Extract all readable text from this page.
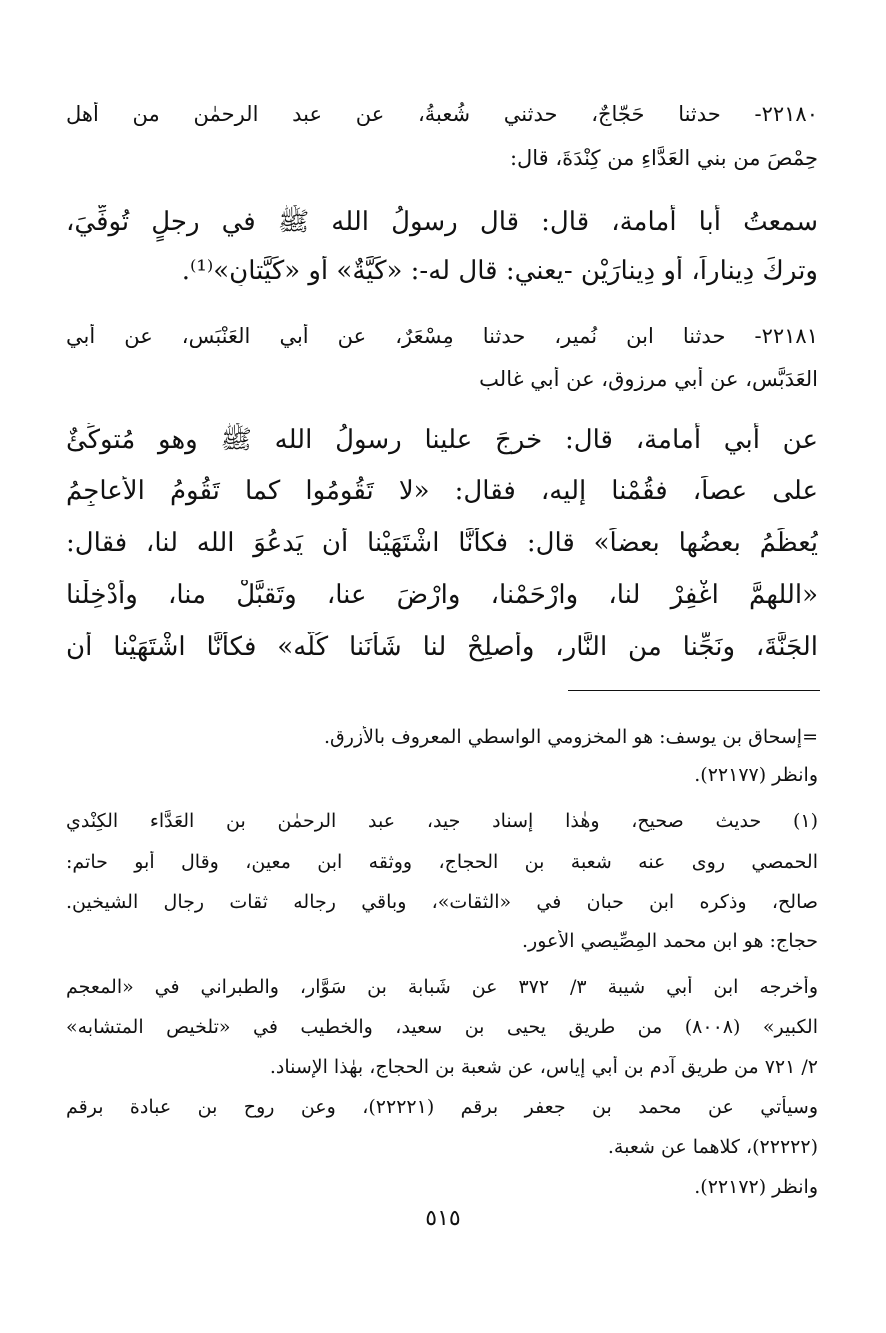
٢٢١٨٠- حدثنا حَجّاجٌ، حدثني شُعبةُ، عن عبد الرحمٰن من أَهل
حِمْصَ من بني العَدَّاءِ من كِنْدَةَ، قال:
سمعتُ أَبا أُمامة، قال: قال رسولُ الله ﷺ في رجلٍ تُوفِّيَ،
وتركَ دِيناراً، أَو دِينارَيْنِ -يعني: قال له-: «كَيَّةٌ» أَو «كَيَّتانِ»⁽¹⁾.
٢٢١٨١- حدثنا ابن نُميرٍ، حدثنا مِسْعَرٌ، عن أَبي العَنْبَس، عن أَبي
العَدَبَّس، عن أَبي مرزوق، عن أَبي غالب
عن أَبي أُمامة، قال: خرجَ علينا رسولُ الله ﷺ وهو مُتوكِّئٌ
على عصاً، فقُمْنا إليه، فقال: «لا تَقُومُوا كما تَقُومُ الأَعاجِمُ
يُعظِّمُ بعضُها بعضاً» قال: فكأَنَّا اشْتَهَيْنا أَن يَدعُوَ الله لنا، فقال:
«اللهمَّ اغْفِرْ لنا، وارْحَمْنا، وارْضَ عنا، وتَقبَّلْ منا، وأَدْخِلْنا
الجَنَّةَ، ونَجِّنا من النَّارِ، وأَصلِحْ لنا شَأْنَنا كُلَّه» فكأَنَّا اشْتَهَيْنا أَن
=إسحاق بن يوسف: هو المخزومي الواسطي المعروف بالأزرق.
وانظر (٢٢١٧٧).
(١) حديث صحيح، وهٰذا إسناد جيد، عبد الرحمٰن بن العَدَّاء الكِنْدي
الحمصي روى عنه شعبة بن الحجاج، ووثقه ابن معين، وقال أبو حاتم:
صالح، وذكره ابن حبان في «الثقات»، وباقي رجاله ثقات رجال الشيخين.
حجاج: هو ابن محمد المِصِّيصي الأعور.
وأخرجه ابن أبي شيبة ٣/ ٣٧٢ عن شَبابة بن سَوَّار، والطبراني في «المعجم
الكبير» (٨٠٠٨) من طريق يحيى بن سعيد، والخطيب في «تلخيص المتشابه»
٢/ ٧٢١ من طريق آدم بن أبي إياس، عن شعبة بن الحجاج، بهٰذا الإسناد.
وسيأتي عن محمد بن جعفر برقم (٢٢٢٢١)، وعن روح بن عبادة برقم
(٢٢٢٢٢)، كلاهما عن شعبة.
وانظر (٢٢١٧٢).
٥١٥
